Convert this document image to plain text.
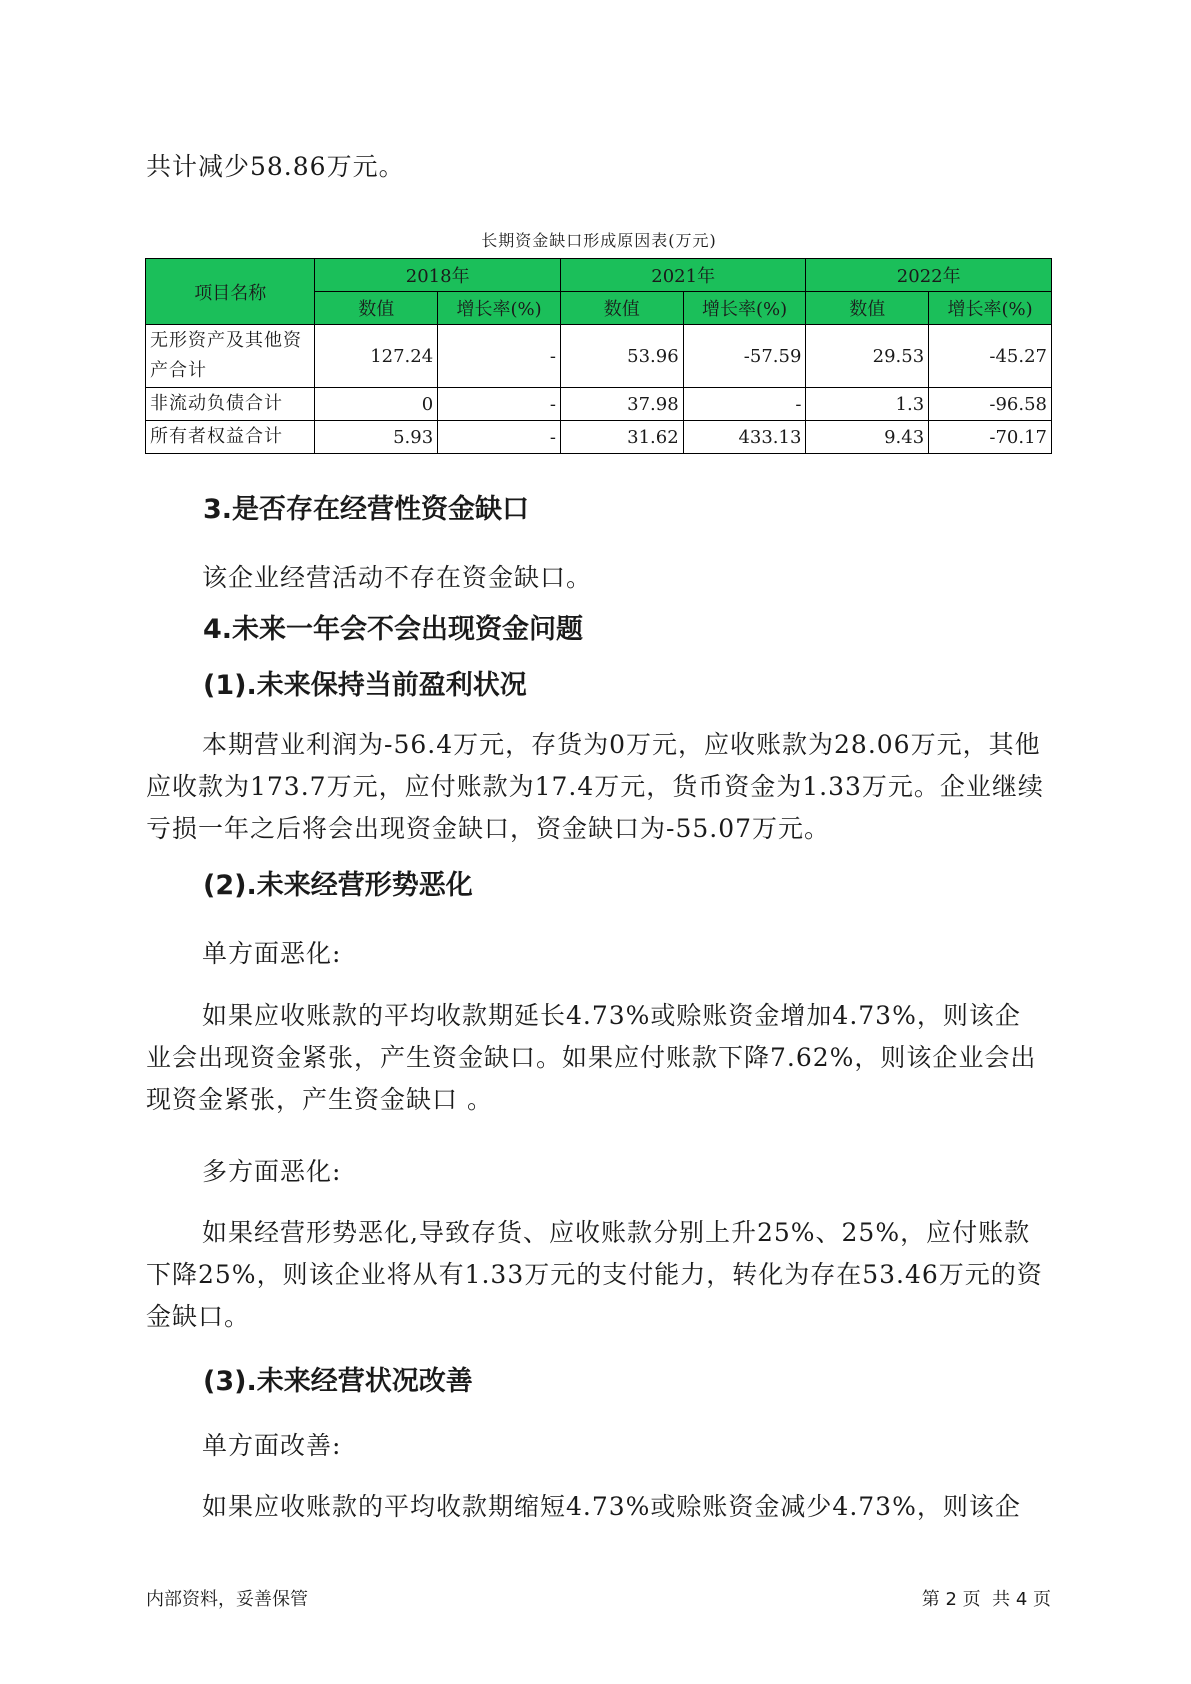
共计减少58.86万元。

长期资金缺口形成原因表(万元)

项目名称	2018年		2021年		2022年	
	数值	增长率(%)	数值	增长率(%)	数值	增长率(%)
无形资产及其他资产合计	127.24	-	53.96	-57.59	29.53	-45.27
非流动负债合计	0	-	37.98	-	1.3	-96.58
所有者权益合计	5.93	-	31.62	433.13	9.43	-70.17
3.是否存在经营性资金缺口

该企业经营活动不存在资金缺口。

4.未来一年会不会出现资金问题
(1).未来保持当前盈利状况

本期营业利润为-56.4万元，存货为0万元，应收账款为28.06万元，其他应收款为173.7万元，应付账款为17.4万元，货币资金为1.33万元。企业继续亏损一年之后将会出现资金缺口，资金缺口为-55.07万元。

(2).未来经营形势恶化

单方面恶化:

如果应收账款的平均收款期延长4.73%或赊账资金增加4.73%，则该企业会出现资金紧张，产生资金缺口。如果应付账款下降7.62%，则该企业会出现资金紧张，产生资金缺口 。

多方面恶化:

如果经营形势恶化,导致存货、应收账款分别上升25%、25%，应付账款下降25%，则该企业将从有1.33万元的支付能力，转化为存在53.46万元的资金缺口。

(3).未来经营状况改善

单方面改善:

如果应收账款的平均收款期缩短4.73%或赊账资金减少4.73%，则该企

内部资料，妥善保管	第 2 页  共 4 页
